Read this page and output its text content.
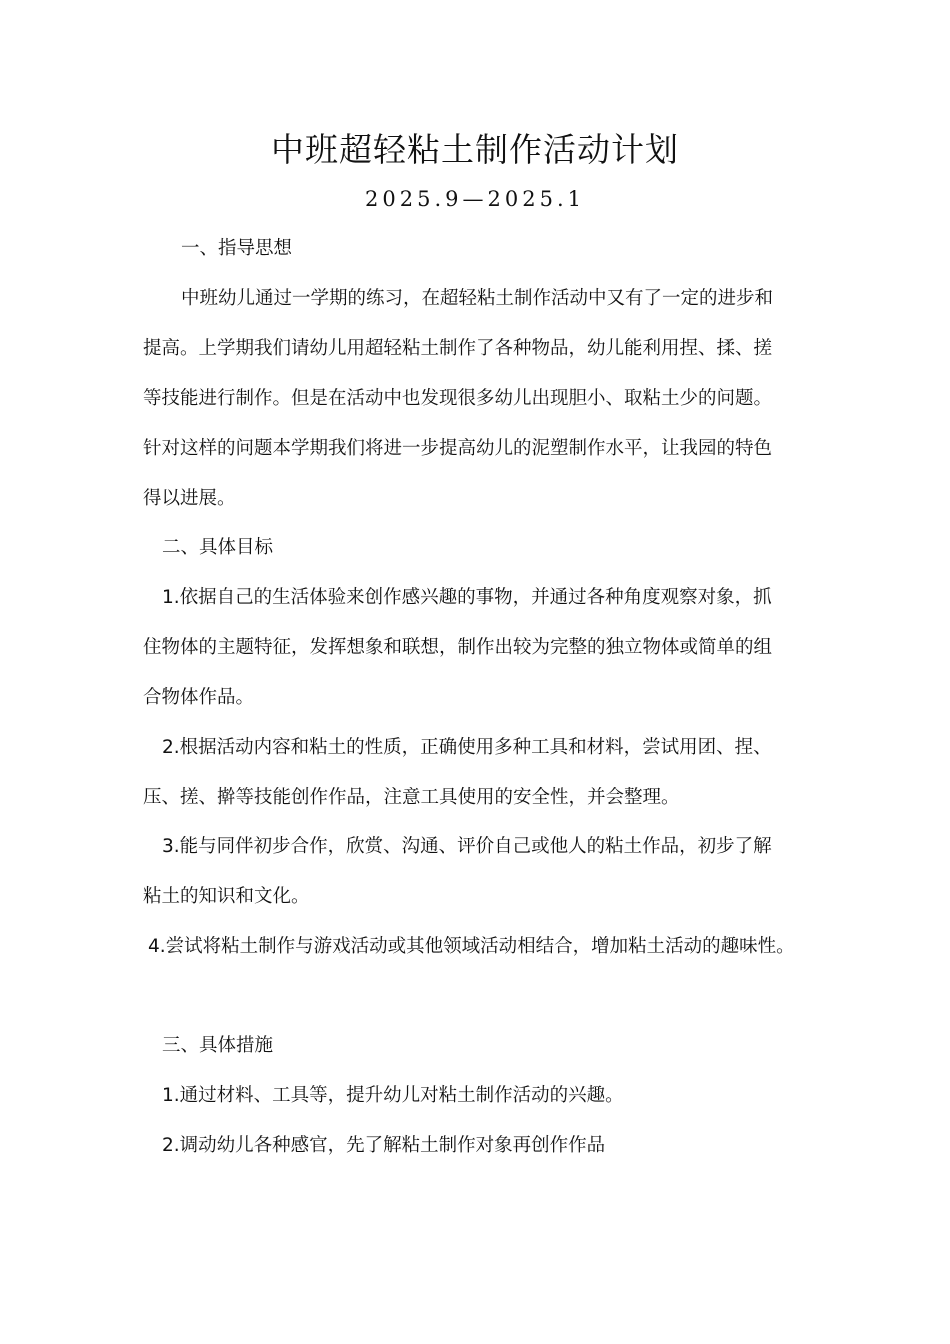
中班超轻粘土制作活动计划
2025.9—2025.1
一、指导思想
中班幼儿通过一学期的练习，在超轻粘土制作活动中又有了一定的进步和
提高。上学期我们请幼儿用超轻粘土制作了各种物品，幼儿能利用捏、揉、搓
等技能进行制作。但是在活动中也发现很多幼儿出现胆小、取粘土少的问题。
针对这样的问题本学期我们将进一步提高幼儿的泥塑制作水平，让我园的特色
得以进展。
二、具体目标
1.依据自己的生活体验来创作感兴趣的事物，并通过各种角度观察对象，抓
住物体的主题特征，发挥想象和联想，制作出较为完整的独立物体或简单的组
合物体作品。
2.根据活动内容和粘土的性质，正确使用多种工具和材料，尝试用团、捏、
压、搓、擀等技能创作作品，注意工具使用的安全性，并会整理。
3.能与同伴初步合作，欣赏、沟通、评价自己或他人的粘土作品，初步了解
粘土的知识和文化。
4.尝试将粘土制作与游戏活动或其他领域活动相结合，增加粘土活动的趣味性。
三、具体措施
1.通过材料、工具等，提升幼儿对粘土制作活动的兴趣。
2.调动幼儿各种感官，先了解粘土制作对象再创作作品
